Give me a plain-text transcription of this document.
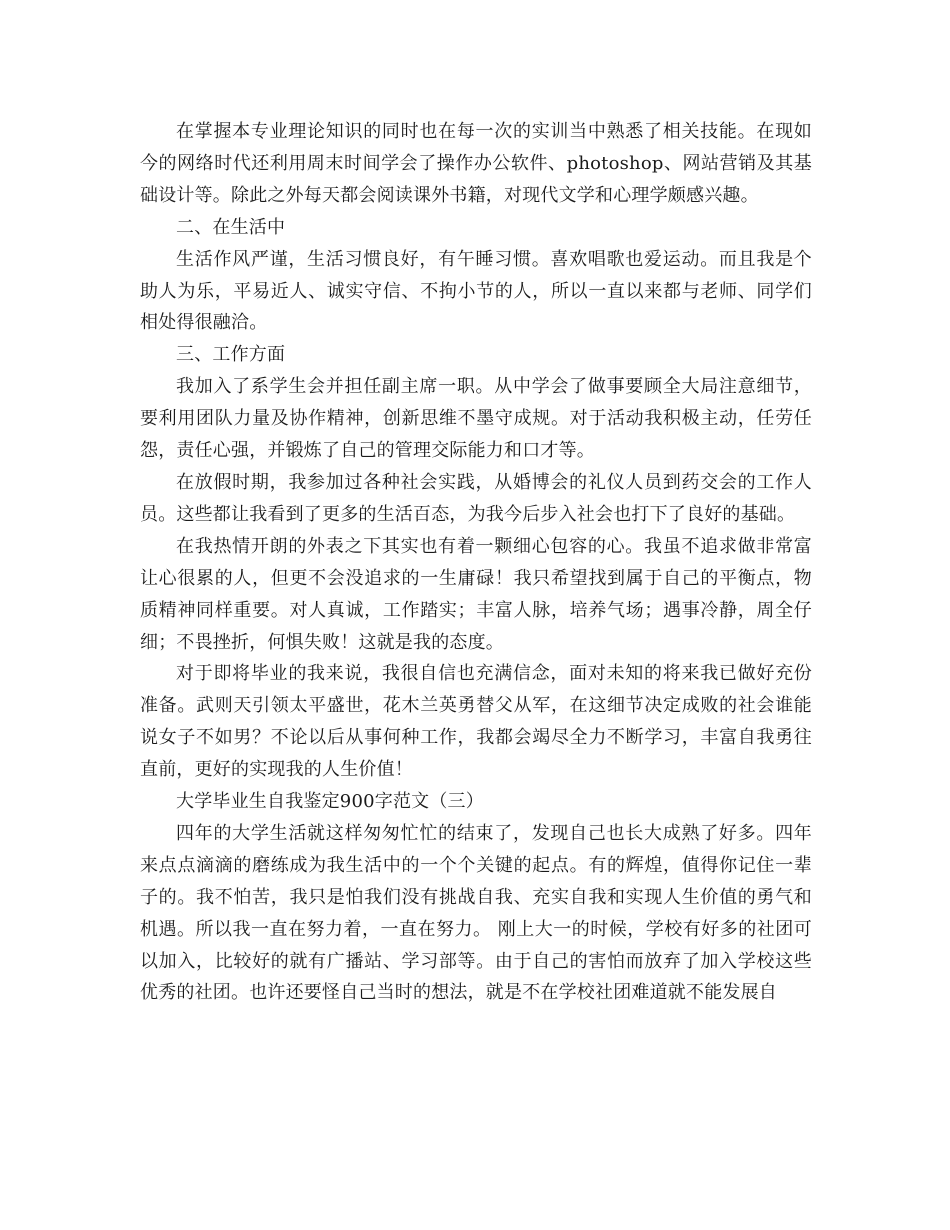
在掌握本专业理论知识的同时也在每一次的实训当中熟悉了相关技能。在现如今的网络时代还利用周末时间学会了操作办公软件、photoshop、网站营销及其基础设计等。除此之外每天都会阅读课外书籍，对现代文学和心理学颇感兴趣。

二、在生活中

生活作风严谨，生活习惯良好，有午睡习惯。喜欢唱歌也爱运动。而且我是个助人为乐，平易近人、诚实守信、不拘小节的人，所以一直以来都与老师、同学们相处得很融洽。

三、工作方面

我加入了系学生会并担任副主席一职。从中学会了做事要顾全大局注意细节，要利用团队力量及协作精神，创新思维不墨守成规。对于活动我积极主动，任劳任怨，责任心强，并锻炼了自己的管理交际能力和口才等。

在放假时期，我参加过各种社会实践，从婚博会的礼仪人员到药交会的工作人员。这些都让我看到了更多的生活百态，为我今后步入社会也打下了良好的基础。

在我热情开朗的外表之下其实也有着一颗细心包容的心。我虽不追求做非常富让心很累的人，但更不会没追求的一生庸碌！我只希望找到属于自己的平衡点，物质精神同样重要。对人真诚，工作踏实；丰富人脉，培养气场；遇事冷静，周全仔细；不畏挫折，何惧失败！这就是我的态度。

对于即将毕业的我来说，我很自信也充满信念，面对未知的将来我已做好充份准备。武则天引领太平盛世，花木兰英勇替父从军，在这细节决定成败的社会谁能说女子不如男？不论以后从事何种工作，我都会竭尽全力不断学习，丰富自我勇往直前，更好的实现我的人生价值！

大学毕业生自我鉴定900字范文（三）

四年的大学生活就这样匆匆忙忙的结束了，发现自己也长大成熟了好多。四年来点点滴滴的磨练成为我生活中的一个个关键的起点。有的辉煌，值得你记住一辈子的。我不怕苦，我只是怕我们没有挑战自我、充实自我和实现人生价值的勇气和机遇。所以我一直在努力着，一直在努力。 刚上大一的时候，学校有好多的社团可以加入，比较好的就有广播站、学习部等。由于自己的害怕而放弃了加入学校这些优秀的社团。也许还要怪自己当时的想法，就是不在学校社团难道就不能发展自
